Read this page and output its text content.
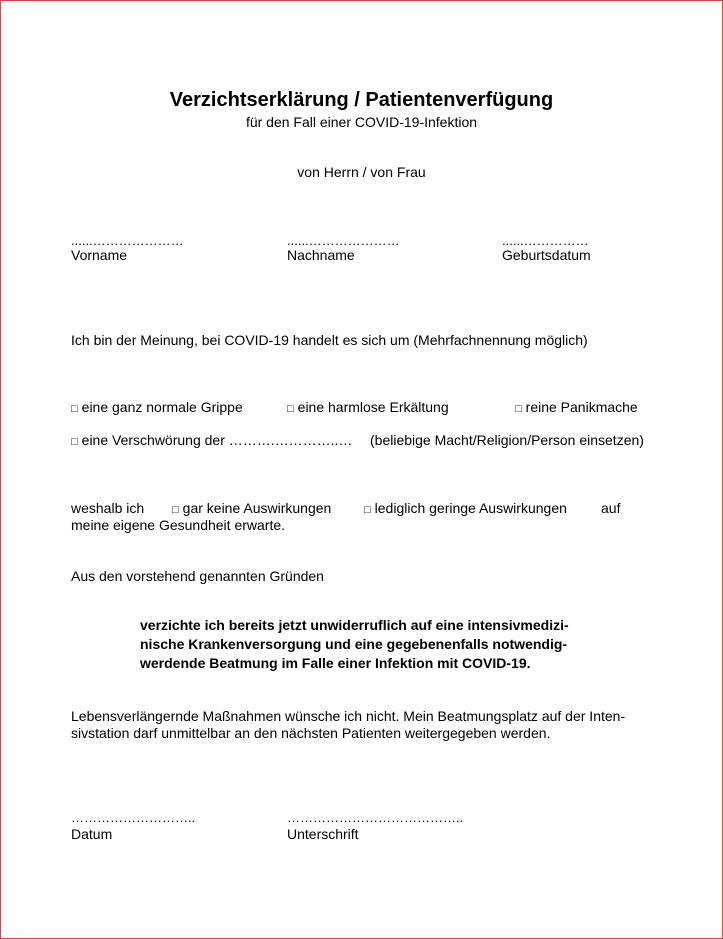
Verzichtserklärung / Patientenverfügung
für den Fall einer COVID-19-Infektion
von Herrn / von Frau
......…………………
Vorname
......…………………
Nachname
......……………
Geburtsdatum
Ich bin der Meinung, bei COVID-19 handelt es sich um (Mehrfachnennung möglich)
□ eine ganz normale Grippe	□ eine harmlose Erkältung	□ reine Panikmache
□ eine Verschwörung der ……….…………..… (beliebige Macht/Religion/Person einsetzen)
weshalb ich	□ gar keine Auswirkungen	□ lediglich geringe Auswirkungen auf
meine eigene Gesundheit erwarte.
Aus den vorstehend genannten Gründen
verzichte ich bereits jetzt unwiderruflich auf eine intensivmedizi-
nische Krankenversorgung und eine gegebenenfalls notwendig-
werdende Beatmung im Falle einer Infektion mit COVID-19.
Lebensverlängernde Maßnahmen wünsche ich nicht. Mein Beatmungsplatz auf der Inten-
sivstation darf unmittelbar an den nächsten Patienten weitergegeben werden.
………………………..
Datum
…………………………………..
Unterschrift
